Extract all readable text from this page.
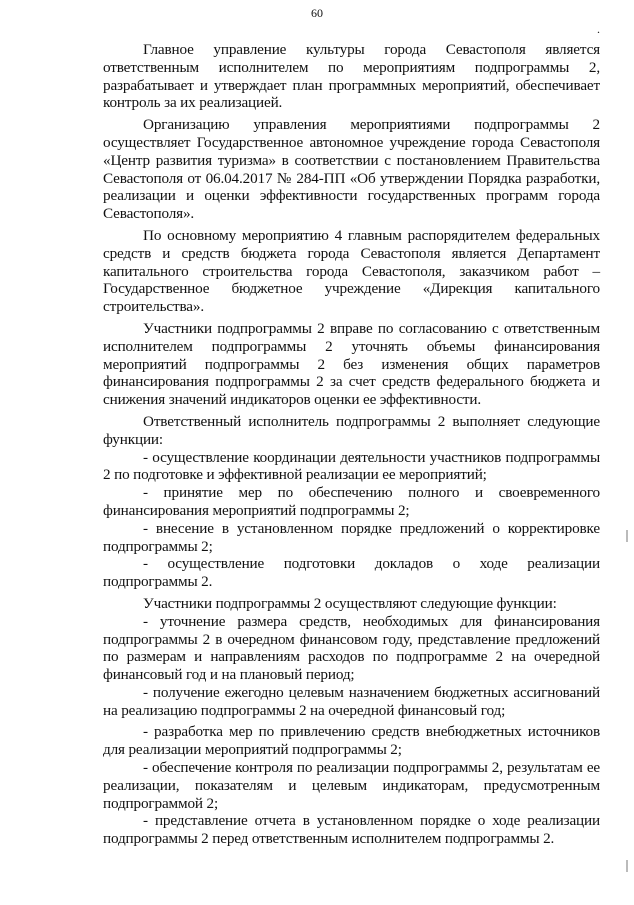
60
.

Главное управление культуры города Севастополя является ответственным исполнителем по мероприятиям подпрограммы 2, разрабатывает и утверждает план программных мероприятий, обеспечивает контроль за их реализацией.

Организацию управления мероприятиями подпрограммы 2 осуществляет Государственное автономное учреждение города Севастополя «Центр развития туризма» в соответствии с постановлением Правительства Севастополя от 06.04.2017 № 284-ПП «Об утверждении Порядка разработки, реализации и оценки эффективности государственных программ города Севастополя».

По основному мероприятию 4 главным распорядителем федеральных средств и средств бюджета города Севастополя является Департамент капитального строительства города Севастополя, заказчиком работ – Государственное бюджетное учреждение «Дирекция капитального строительства».

Участники подпрограммы 2 вправе по согласованию с ответственным исполнителем подпрограммы 2 уточнять объемы финансирования мероприятий подпрограммы 2 без изменения общих параметров финансирования подпрограммы 2 за счет средств федерального бюджета и снижения значений индикаторов оценки ее эффективности.

Ответственный исполнитель подпрограммы 2 выполняет следующие функции:

- осуществление координации деятельности участников подпрограммы 2 по подготовке и эффективной реализации ее мероприятий;

- принятие мер по обеспечению полного и своевременного финансирования мероприятий подпрограммы 2;

- внесение в установленном порядке предложений о корректировке подпрограммы 2;

- осуществление подготовки докладов о ходе реализации подпрограммы 2.

Участники подпрограммы 2 осуществляют следующие функции:

- уточнение размера средств, необходимых для финансирования подпрограммы 2 в очередном финансовом году, представление предложений по размерам и направлениям расходов по подпрограмме 2 на очередной финансовый год и на плановый период;

- получение ежегодно целевым назначением бюджетных ассигнований на реализацию подпрограммы 2 на очередной финансовый год;

- разработка мер по привлечению средств внебюджетных источников для реализации мероприятий подпрограммы 2;

- обеспечение контроля по реализации подпрограммы 2, результатам ее реализации, показателям и целевым индикаторам, предусмотренным подпрограммой 2;

- представление отчета в установленном порядке о ходе реализации подпрограммы 2 перед ответственным исполнителем подпрограммы 2.
